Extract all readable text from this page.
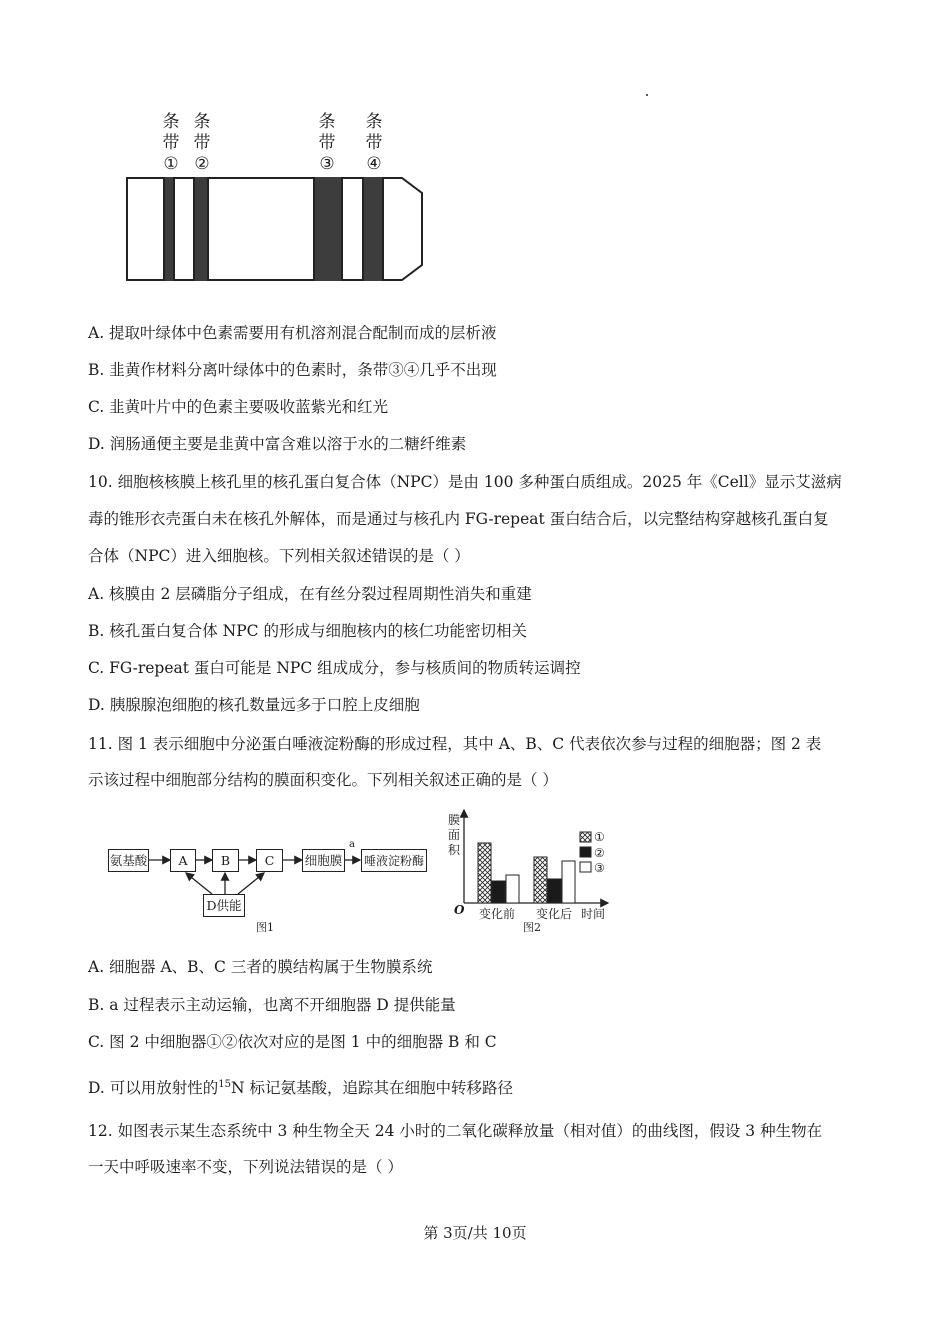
条
带
①
条
带
②
条
带
③
条
带
④
A. 提取叶绿体中色素需要用有机溶剂混合配制而成的层析液
B. 韭黄作材料分离叶绿体中的色素时，条带③④几乎不出现
C. 韭黄叶片中的色素主要吸收蓝紫光和红光
D. 润肠通便主要是韭黄中富含难以溶于水的二糖纤维素
10. 细胞核核膜上核孔里的核孔蛋白复合体（NPC）是由 100 多种蛋白质组成。2025 年《Cell》显示艾滋病
毒的锥形衣壳蛋白未在核孔外解体，而是通过与核孔内 FG-repeat 蛋白结合后，以完整结构穿越核孔蛋白复
合体（NPC）进入细胞核。下列相关叙述错误的是（ ）
A. 核膜由 2 层磷脂分子组成，在有丝分裂过程周期性消失和重建
B. 核孔蛋白复合体 NPC 的形成与细胞核内的核仁功能密切相关
C. FG-repeat 蛋白可能是 NPC 组成成分，参与核质间的物质转运调控
D. 胰腺腺泡细胞的核孔数量远多于口腔上皮细胞
11. 图 1 表示细胞中分泌蛋白唾液淀粉酶的形成过程，其中 A、B、C 代表依次参与过程的细胞器；图 2 表
示该过程中细胞部分结构的膜面积变化。下列相关叙述正确的是（ ）
氨基酸	A	B	C	细胞膜 唾液淀粉酶
a
D供能
图1
膜面积
O 变化前 变化后 时间
①
②
③
图2
A. 细胞器 A、B、C 三者的膜结构属于生物膜系统
B. a 过程表示主动运输，也离不开细胞器 D 提供能量
C. 图 2 中细胞器①②依次对应的是图 1 中的细胞器 B 和 C
D. 可以用放射性的$^{15}$N 标记氨基酸，追踪其在细胞中转移路径
12. 如图表示某生态系统中 3 种生物全天 24 小时的二氧化碳释放量（相对值）的曲线图，假设 3 种生物在
一天中呼吸速率不变，下列说法错误的是（ ）
第 3页/共 10页
